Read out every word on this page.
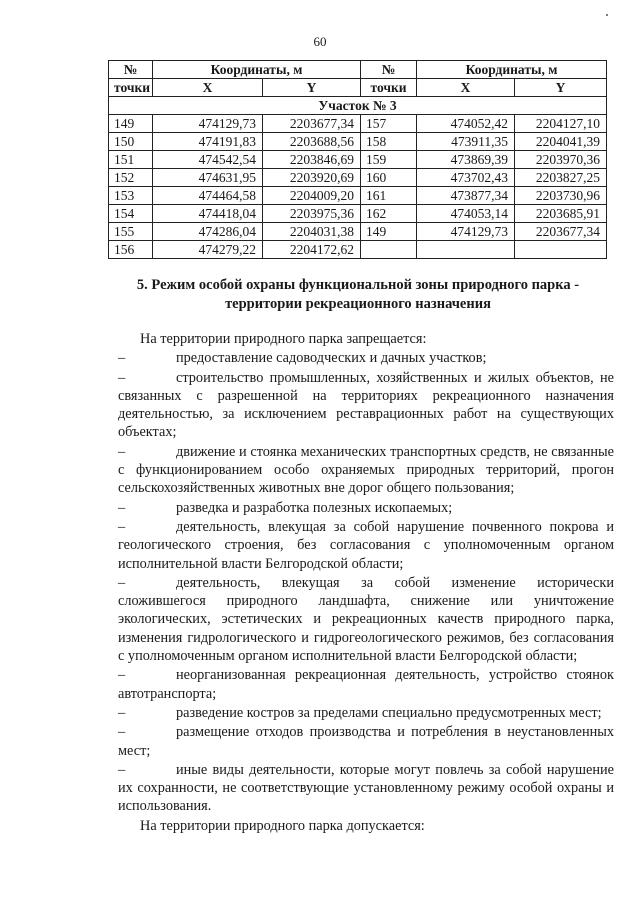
60
№	Координаты, м		№	Координаты, м	
точки	X	Y	точки	X	Y
Участок № 3					
149	474129,73	2203677,34	157	474052,42	2204127,10
150	474191,83	2203688,56	158	473911,35	2204041,39
151	474542,54	2203846,69	159	473869,39	2203970,36
152	474631,95	2203920,69	160	473702,43	2203827,25
153	474464,58	2204009,20	161	473877,34	2203730,96
154	474418,04	2203975,36	162	474053,14	2203685,91
155	474286,04	2204031,38	149	474129,73	2203677,34
156	474279,22	2204172,62			
5. Режим особой охраны функциональной зоны природного парка - территории рекреационного назначения

На территории природного парка запрещается:

–	предоставление садоводческих и дачных участков;

–	строительство промышленных, хозяйственных и жилых объектов, не связанных с разрешенной на территориях рекреационного назначения деятельностью, за исключением реставрационных работ на существующих объектах;

–	движение и стоянка механических транспортных средств, не связанные с функционированием особо охраняемых природных территорий, прогон сельскохозяйственных животных вне дорог общего пользования;

–	разведка и разработка полезных ископаемых;

–	деятельность, влекущая за собой нарушение почвенного покрова и геологического строения, без согласования с уполномоченным органом исполнительной власти Белгородской области;

–	деятельность, влекущая за собой изменение исторически сложившегося природного ландшафта, снижение или уничтожение экологических, эстетических и рекреационных качеств природного парка, изменения гидрологического и гидрогеологического режимов, без согласования с уполномоченным органом исполнительной власти Белгородской области;

–	неорганизованная рекреационная деятельность, устройство стоянок автотранспорта;

–	разведение костров за пределами специально предусмотренных мест;

–	размещение отходов производства и потребления в неустановленных мест;

–	иные виды деятельности, которые могут повлечь за собой нарушение их сохранности, не соответствующие установленному режиму особой охраны и использования.

На территории природного парка допускается:
